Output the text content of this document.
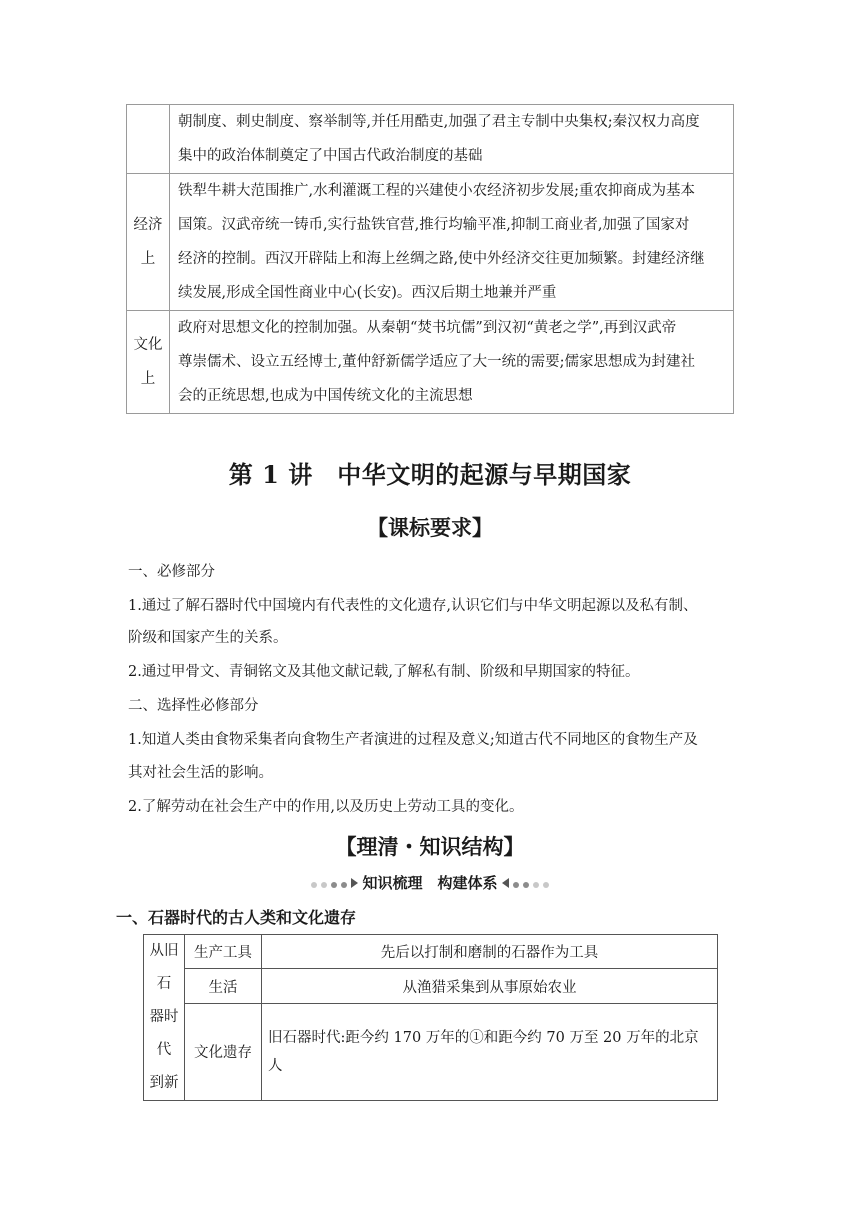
	朝制度、刺史制度、察举制等,并任用酷吏,加强了君主专制中央集权;秦汉权力高度
集中的政治体制奠定了中国古代政治制度的基础

经济
上	铁犁牛耕大范围推广,水利灌溉工程的兴建使小农经济初步发展;重农抑商成为基本
国策。汉武帝统一铸币,实行盐铁官营,推行均输平准,抑制工商业者,加强了国家对
经济的控制。西汉开辟陆上和海上丝绸之路,使中外经济交往更加频繁。封建经济继
续发展,形成全国性商业中心(长安)。西汉后期土地兼并严重

文化
上	政府对思想文化的控制加强。从秦朝“焚书坑儒”到汉初“黄老之学”,再到汉武帝
尊崇儒术、设立五经博士,董仲舒新儒学适应了大一统的需要;儒家思想成为封建社
会的正统思想,也成为中国传统文化的主流思想
第 1 讲　中华文明的起源与早期国家
【课标要求】
一、必修部分
1.通过了解石器时代中国境内有代表性的文化遗存,认识它们与中华文明起源以及私有制、
阶级和国家产生的关系。
2.通过甲骨文、青铜铭文及其他文献记载,了解私有制、阶级和早期国家的特征。
二、选择性必修部分
1.知道人类由食物采集者向食物生产者演进的过程及意义;知道古代不同地区的食物生产及
其对社会生活的影响。
2.了解劳动在社会生产中的作用,以及历史上劳动工具的变化。
【理清・知识结构】
知识梳理　构建体系
一、石器时代的古人类和文化遗存
从旧
石
器时
代
到新	生产工具	先后以打制和磨制的石器作为工具
	生活	从渔猎采集到从事原始农业
	文化遗存	旧石器时代:距今约 170 万年的①和距今约 70 万至 20 万年的北京
人
